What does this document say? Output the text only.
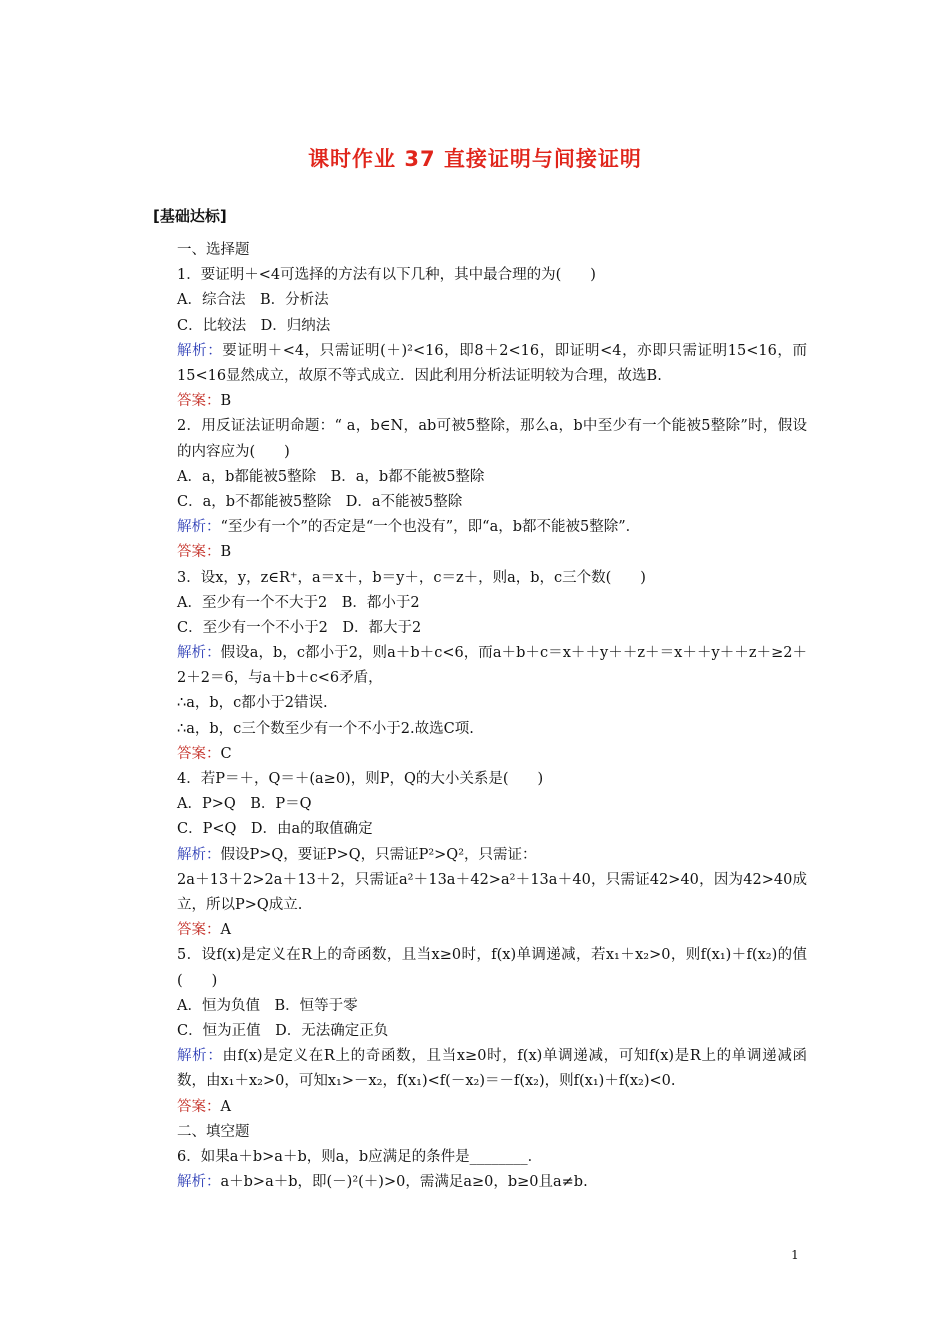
课时作业 37 直接证明与间接证明
[基础达标]
一、选择题
1．要证明＋<4可选择的方法有以下几种，其中最合理的为(　　)
A．综合法　B．分析法
C．比较法　D．归纳法
解析：要证明＋<4，只需证明(＋)²<16，即8＋2<16，即证明<4，亦即只需证明15<16，而15<16显然成立，故原不等式成立．因此利用分析法证明较为合理，故选B.
答案：B
2．用反证法证明命题：“ a，b∈N，ab可被5整除，那么a，b中至少有一个能被5整除”时，假设的内容应为(　　)
A．a，b都能被5整除　B．a，b都不能被5整除
C．a，b不都能被5整除　D．a不能被5整除
解析：“至少有一个”的否定是“一个也没有”，即“a，b都不能被5整除”．
答案：B
3．设x，y，z∈R⁺，a＝x＋，b＝y＋，c＝z＋，则a，b，c三个数(　　)
A．至少有一个不大于2　B．都小于2
C．至少有一个不小于2　D．都大于2
解析：假设a，b，c都小于2，则a＋b＋c<6，而a＋b＋c＝x＋＋y＋＋z＋＝x＋＋y＋＋z＋≥2＋2＋2＝6，与a＋b＋c<6矛盾，
∴a，b，c都小于2错误.
∴a，b，c三个数至少有一个不小于2.故选C项.
答案：C
4．若P＝＋，Q＝＋(a≥0)，则P，Q的大小关系是(　　)
A．P>Q　B．P＝Q
C．P<Q　D．由a的取值确定
解析：假设P>Q，要证P>Q，只需证P²>Q²，只需证：
2a＋13＋2>2a＋13＋2，只需证a²＋13a＋42>a²＋13a＋40，只需证42>40，因为42>40成立，所以P>Q成立.
答案：A
5．设f(x)是定义在R上的奇函数，且当x≥0时，f(x)单调递减，若x₁＋x₂>0，则f(x₁)＋f(x₂)的值(　　)
A．恒为负值　B．恒等于零
C．恒为正值　D．无法确定正负
解析：由f(x)是定义在R上的奇函数，且当x≥0时，f(x)单调递减，可知f(x)是R上的单调递减函数，由x₁＋x₂>0，可知x₁>－x₂，f(x₁)<f(－x₂)＝－f(x₂)，则f(x₁)＋f(x₂)<0.
答案：A
二、填空题
6．如果a＋b>a＋b，则a，b应满足的条件是________．
解析：a＋b>a＋b，即(－)²(＋)>0，需满足a≥0，b≥0且a≠b.
1
